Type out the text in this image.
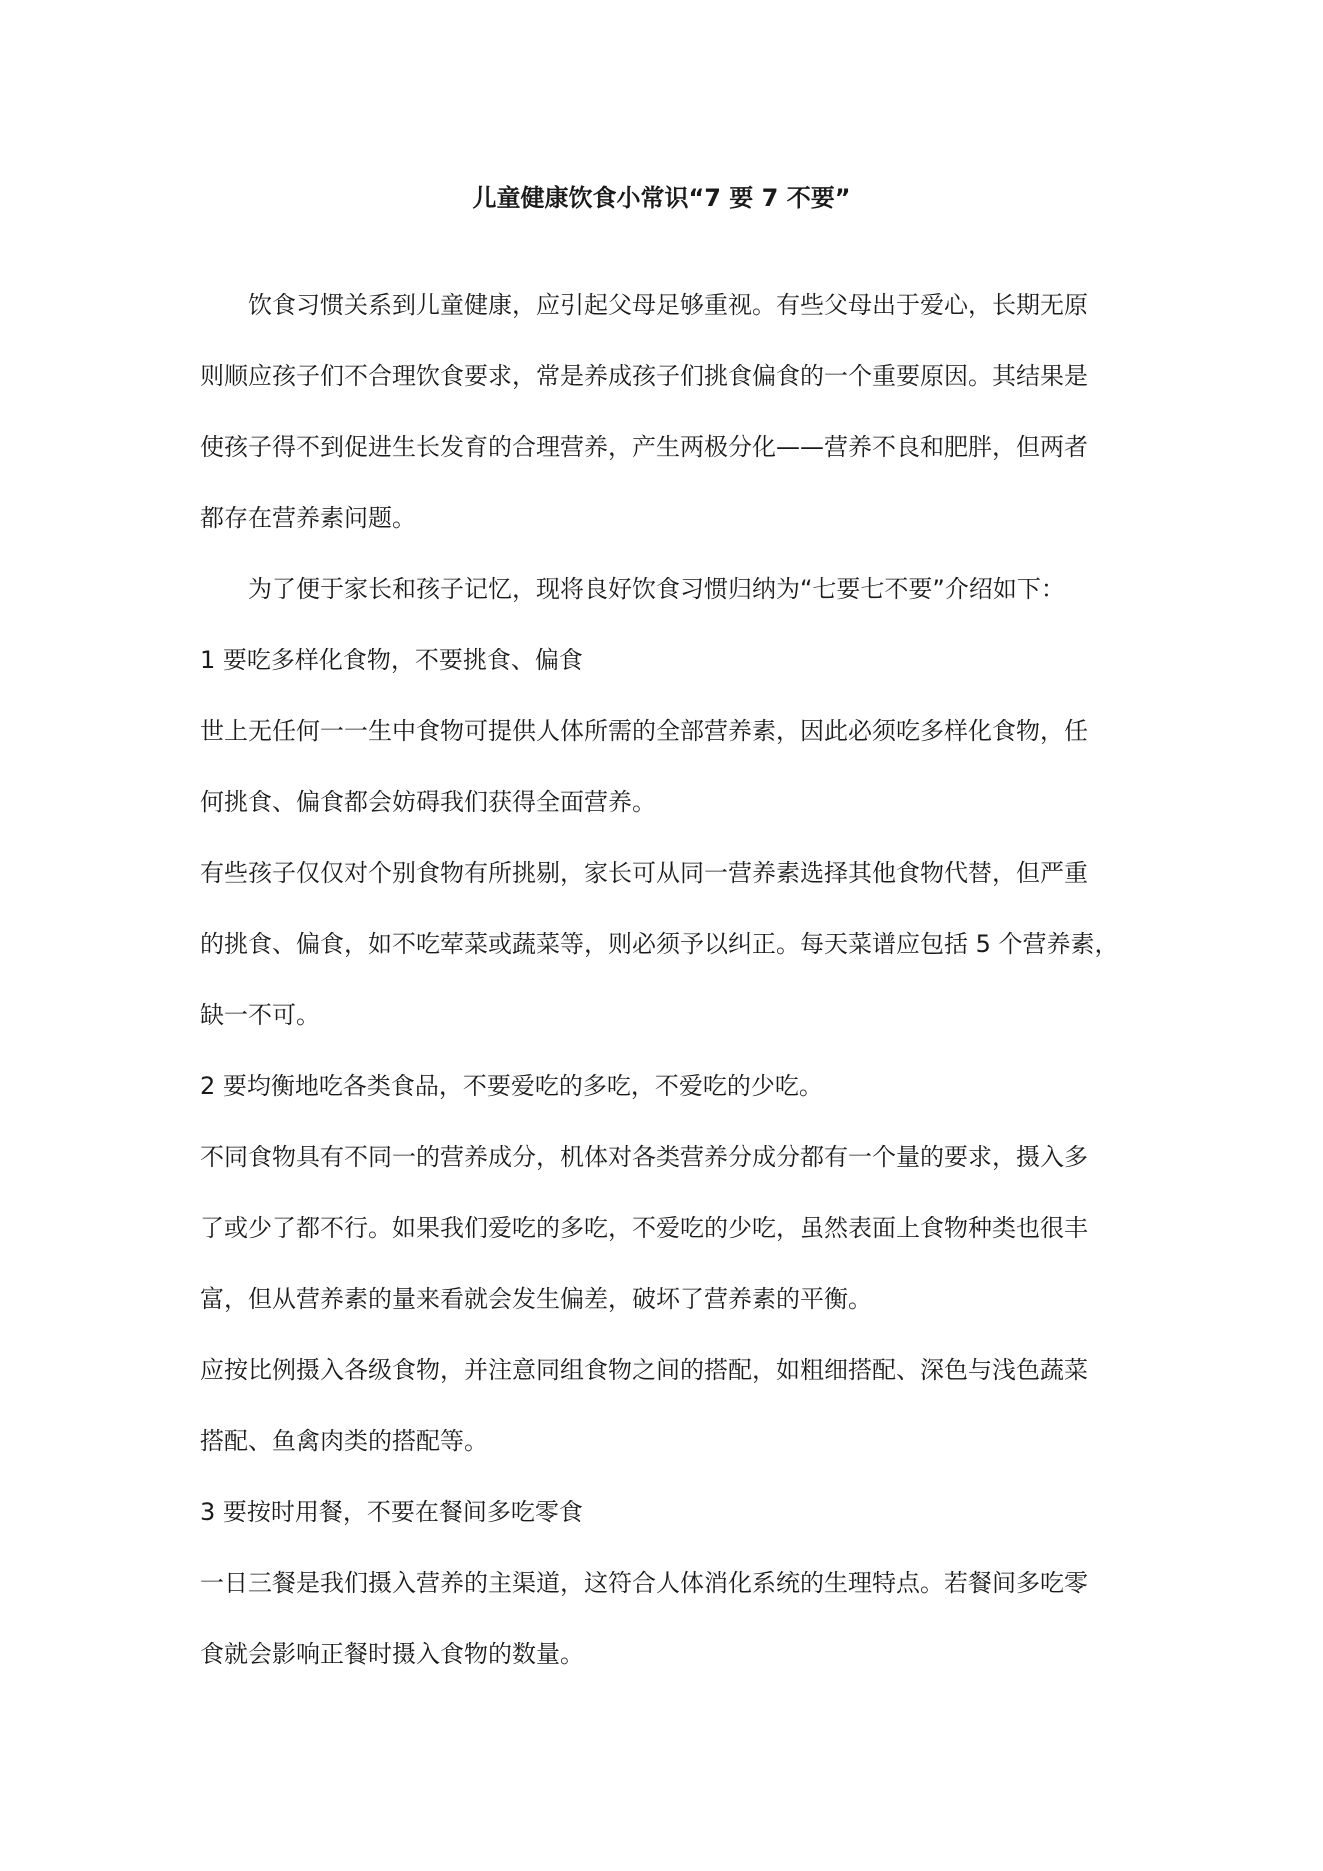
儿童健康饮食小常识“7 要 7 不要”

饮食习惯关系到儿童健康，应引起父母足够重视。有些父母出于爱心，长期无原

则顺应孩子们不合理饮食要求，常是养成孩子们挑食偏食的一个重要原因。其结果是

使孩子得不到促进生长发育的合理营养，产生两极分化——营养不良和肥胖，但两者

都存在营养素问题。

为了便于家长和孩子记忆，现将良好饮食习惯归纳为“七要七不要”介绍如下：

1 要吃多样化食物，不要挑食、偏食

世上无任何一一生中食物可提供人体所需的全部营养素，因此必须吃多样化食物，任

何挑食、偏食都会妨碍我们获得全面营养。

有些孩子仅仅对个别食物有所挑剔，家长可从同一营养素选择其他食物代替，但严重

的挑食、偏食，如不吃荤菜或蔬菜等，则必须予以纠正。每天菜谱应包括 5 个营养素，

缺一不可。

2 要均衡地吃各类食品，不要爱吃的多吃，不爱吃的少吃。

不同食物具有不同一的营养成分，机体对各类营养分成分都有一个量的要求，摄入多

了或少了都不行。如果我们爱吃的多吃，不爱吃的少吃，虽然表面上食物种类也很丰

富，但从营养素的量来看就会发生偏差，破坏了营养素的平衡。

应按比例摄入各级食物，并注意同组食物之间的搭配，如粗细搭配、深色与浅色蔬菜

搭配、鱼禽肉类的搭配等。

3 要按时用餐，不要在餐间多吃零食

一日三餐是我们摄入营养的主渠道，这符合人体消化系统的生理特点。若餐间多吃零

食就会影响正餐时摄入食物的数量。
